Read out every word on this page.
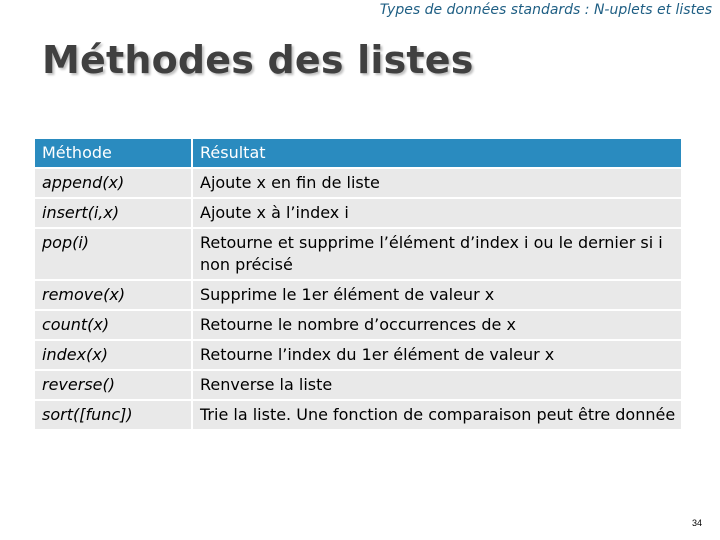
Types de données standards : N-uplets et listes
Méthodes des listes
Méthode	Résultat
append(x)	Ajoute x en fin de liste
insert(i,x)	Ajoute x à l’index i
pop(i)	Retourne et supprime l’élément d’index i ou le dernier si i non précisé
remove(x)	Supprime le 1er élément de valeur x
count(x)	Retourne le nombre d’occurrences de x
index(x)	Retourne l’index du 1er élément de valeur x
reverse()	Renverse la liste
sort([func])	Trie la liste. Une fonction de comparaison peut être donnée
34
